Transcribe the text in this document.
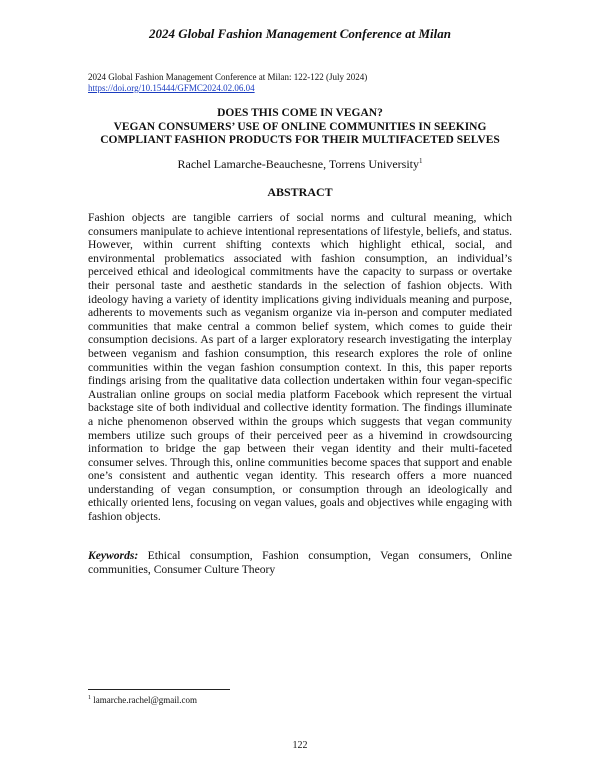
2024 Global Fashion Management Conference at Milan
2024 Global Fashion Management Conference at Milan: 122-122 (July 2024)
https://doi.org/10.15444/GFMC2024.02.06.04
DOES THIS COME IN VEGAN?
VEGAN CONSUMERS’ USE OF ONLINE COMMUNITIES IN SEEKING
COMPLIANT FASHION PRODUCTS FOR THEIR MULTIFACETED SELVES
Rachel Lamarche-Beauchesne, Torrens University$^1$
ABSTRACT
Fashion objects are tangible carriers of social norms and cultural meaning, which consumers manipulate to achieve intentional representations of lifestyle, beliefs, and status. However, within current shifting contexts which highlight ethical, social, and environmental problematics associated with fashion consumption, an individual’s perceived ethical and ideological commitments have the capacity to surpass or overtake their personal taste and aesthetic standards in the selection of fashion objects. With ideology having a variety of identity implications giving individuals meaning and purpose, adherents to movements such as veganism organize via in-person and computer mediated communities that make central a common belief system, which comes to guide their consumption decisions. As part of a larger exploratory research investigating the interplay between veganism and fashion consumption, this research explores the role of online communities within the vegan fashion consumption context. In this, this paper reports findings arising from the qualitative data collection undertaken within four vegan-specific Australian online groups on social media platform Facebook which represent the virtual backstage site of both individual and collective identity formation. The findings illuminate a niche phenomenon observed within the groups which suggests that vegan community members utilize such groups of their perceived peer as a hivemind in crowdsourcing information to bridge the gap between their vegan identity and their multi-faceted consumer selves. Through this, online communities become spaces that support and enable one’s consistent and authentic vegan identity. This research offers a more nuanced understanding of vegan consumption, or consumption through an ideologically and ethically oriented lens, focusing on vegan values, goals and objectives while engaging with fashion objects.
Keywords: Ethical consumption, Fashion consumption, Vegan consumers, Online communities, Consumer Culture Theory
$^1$ lamarche.rachel@gmail.com
122
